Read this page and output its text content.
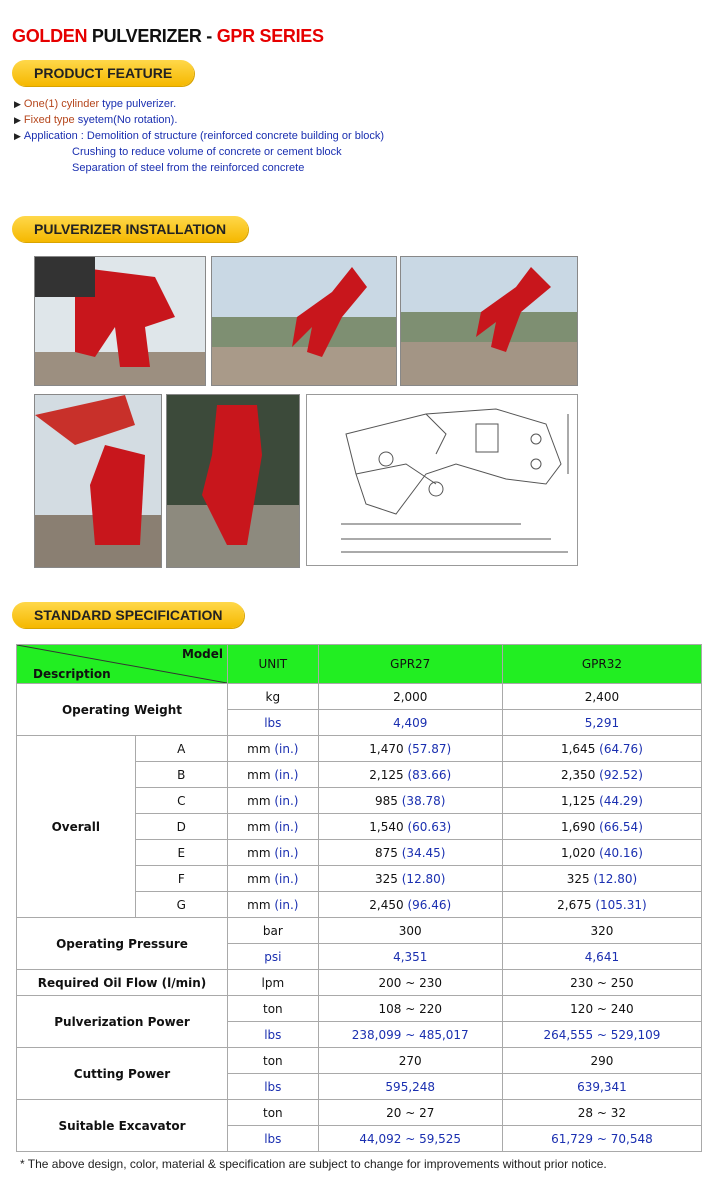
GOLDEN PULVERIZER - GPR SERIES
PRODUCT FEATURE
▶ One(1) cylinder type pulverizer.
▶ Fixed type syetem(No rotation).
▶ Application : Demolition of structure (reinforced concrete building or block)
Crushing to reduce volume of concrete or cement block
Separation of steel from the reinforced concrete
PULVERIZER INSTALLATION
STANDARD SPECIFICATION
Model
Description		UNIT	GPR27	GPR32
Operating Weight		kg	2,000	2,400
		lbs	4,409	5,291
Overall	A	mm (in.)	1,470 (57.87)	1,645 (64.76)
	B	mm (in.)	2,125 (83.66)	2,350 (92.52)
	C	mm (in.)	985 (38.78)	1,125 (44.29)
	D	mm (in.)	1,540 (60.63)	1,690 (66.54)
	E	mm (in.)	875 (34.45)	1,020 (40.16)
	F	mm (in.)	325 (12.80)	325 (12.80)
	G	mm (in.)	2,450 (96.46)	2,675 (105.31)
Operating Pressure		bar	300	320
		psi	4,351	4,641
Required Oil Flow (l/min)		lpm	200 ~ 230	230 ~ 250
Pulverization Power		ton	108 ~ 220	120 ~ 240
		lbs	238,099 ~ 485,017	264,555 ~ 529,109
Cutting Power		ton	270	290
		lbs	595,248	639,341
Suitable Excavator		ton	20 ~ 27	28 ~ 32
		lbs	44,092 ~ 59,525	61,729 ~ 70,548
* The above design, color, material & specification are subject to change for improvements without prior notice.
